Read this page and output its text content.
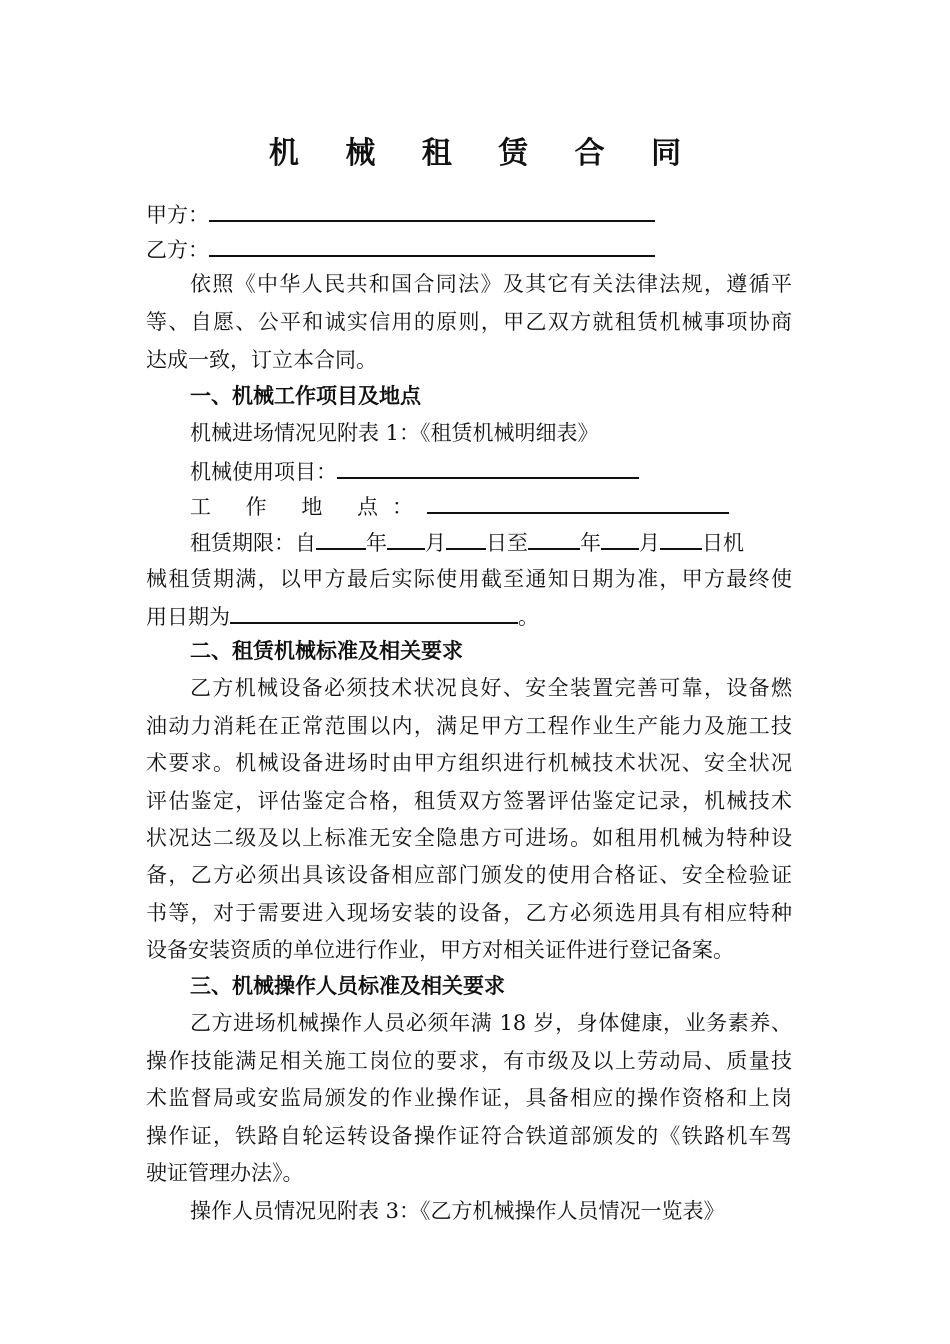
机 械 租 赁 合 同
甲方：
乙方：
依照《中华人民共和国合同法》及其它有关法律法规，遵循平
等、自愿、公平和诚实信用的原则，甲乙双方就租赁机械事项协商
达成一致，订立本合同。
一、机械工作项目及地点
机械进场情况见附表 1：《租赁机械明细表》
机械使用项目：
工 作 地 点：
租赁期限：自 年 月 日至 年 月 日机
械租赁期满，以甲方最后实际使用截至通知日期为准，甲方最终使
用日期为	。
二、租赁机械标准及相关要求
乙方机械设备必须技术状况良好、安全装置完善可靠，设备燃
油动力消耗在正常范围以内，满足甲方工程作业生产能力及施工技
术要求。机械设备进场时由甲方组织进行机械技术状况、安全状况
评估鉴定，评估鉴定合格，租赁双方签署评估鉴定记录，机械技术
状况达二级及以上标准无安全隐患方可进场。如租用机械为特种设
备，乙方必须出具该设备相应部门颁发的使用合格证、安全检验证
书等，对于需要进入现场安装的设备，乙方必须选用具有相应特种
设备安装资质的单位进行作业，甲方对相关证件进行登记备案。
三、机械操作人员标准及相关要求
乙方进场机械操作人员必须年满 18 岁，身体健康，业务素养、
操作技能满足相关施工岗位的要求，有市级及以上劳动局、质量技
术监督局或安监局颁发的作业操作证，具备相应的操作资格和上岗
操作证，铁路自轮运转设备操作证符合铁道部颁发的《铁路机车驾
驶证管理办法》。
操作人员情况见附表 3：《乙方机械操作人员情况一览表》
